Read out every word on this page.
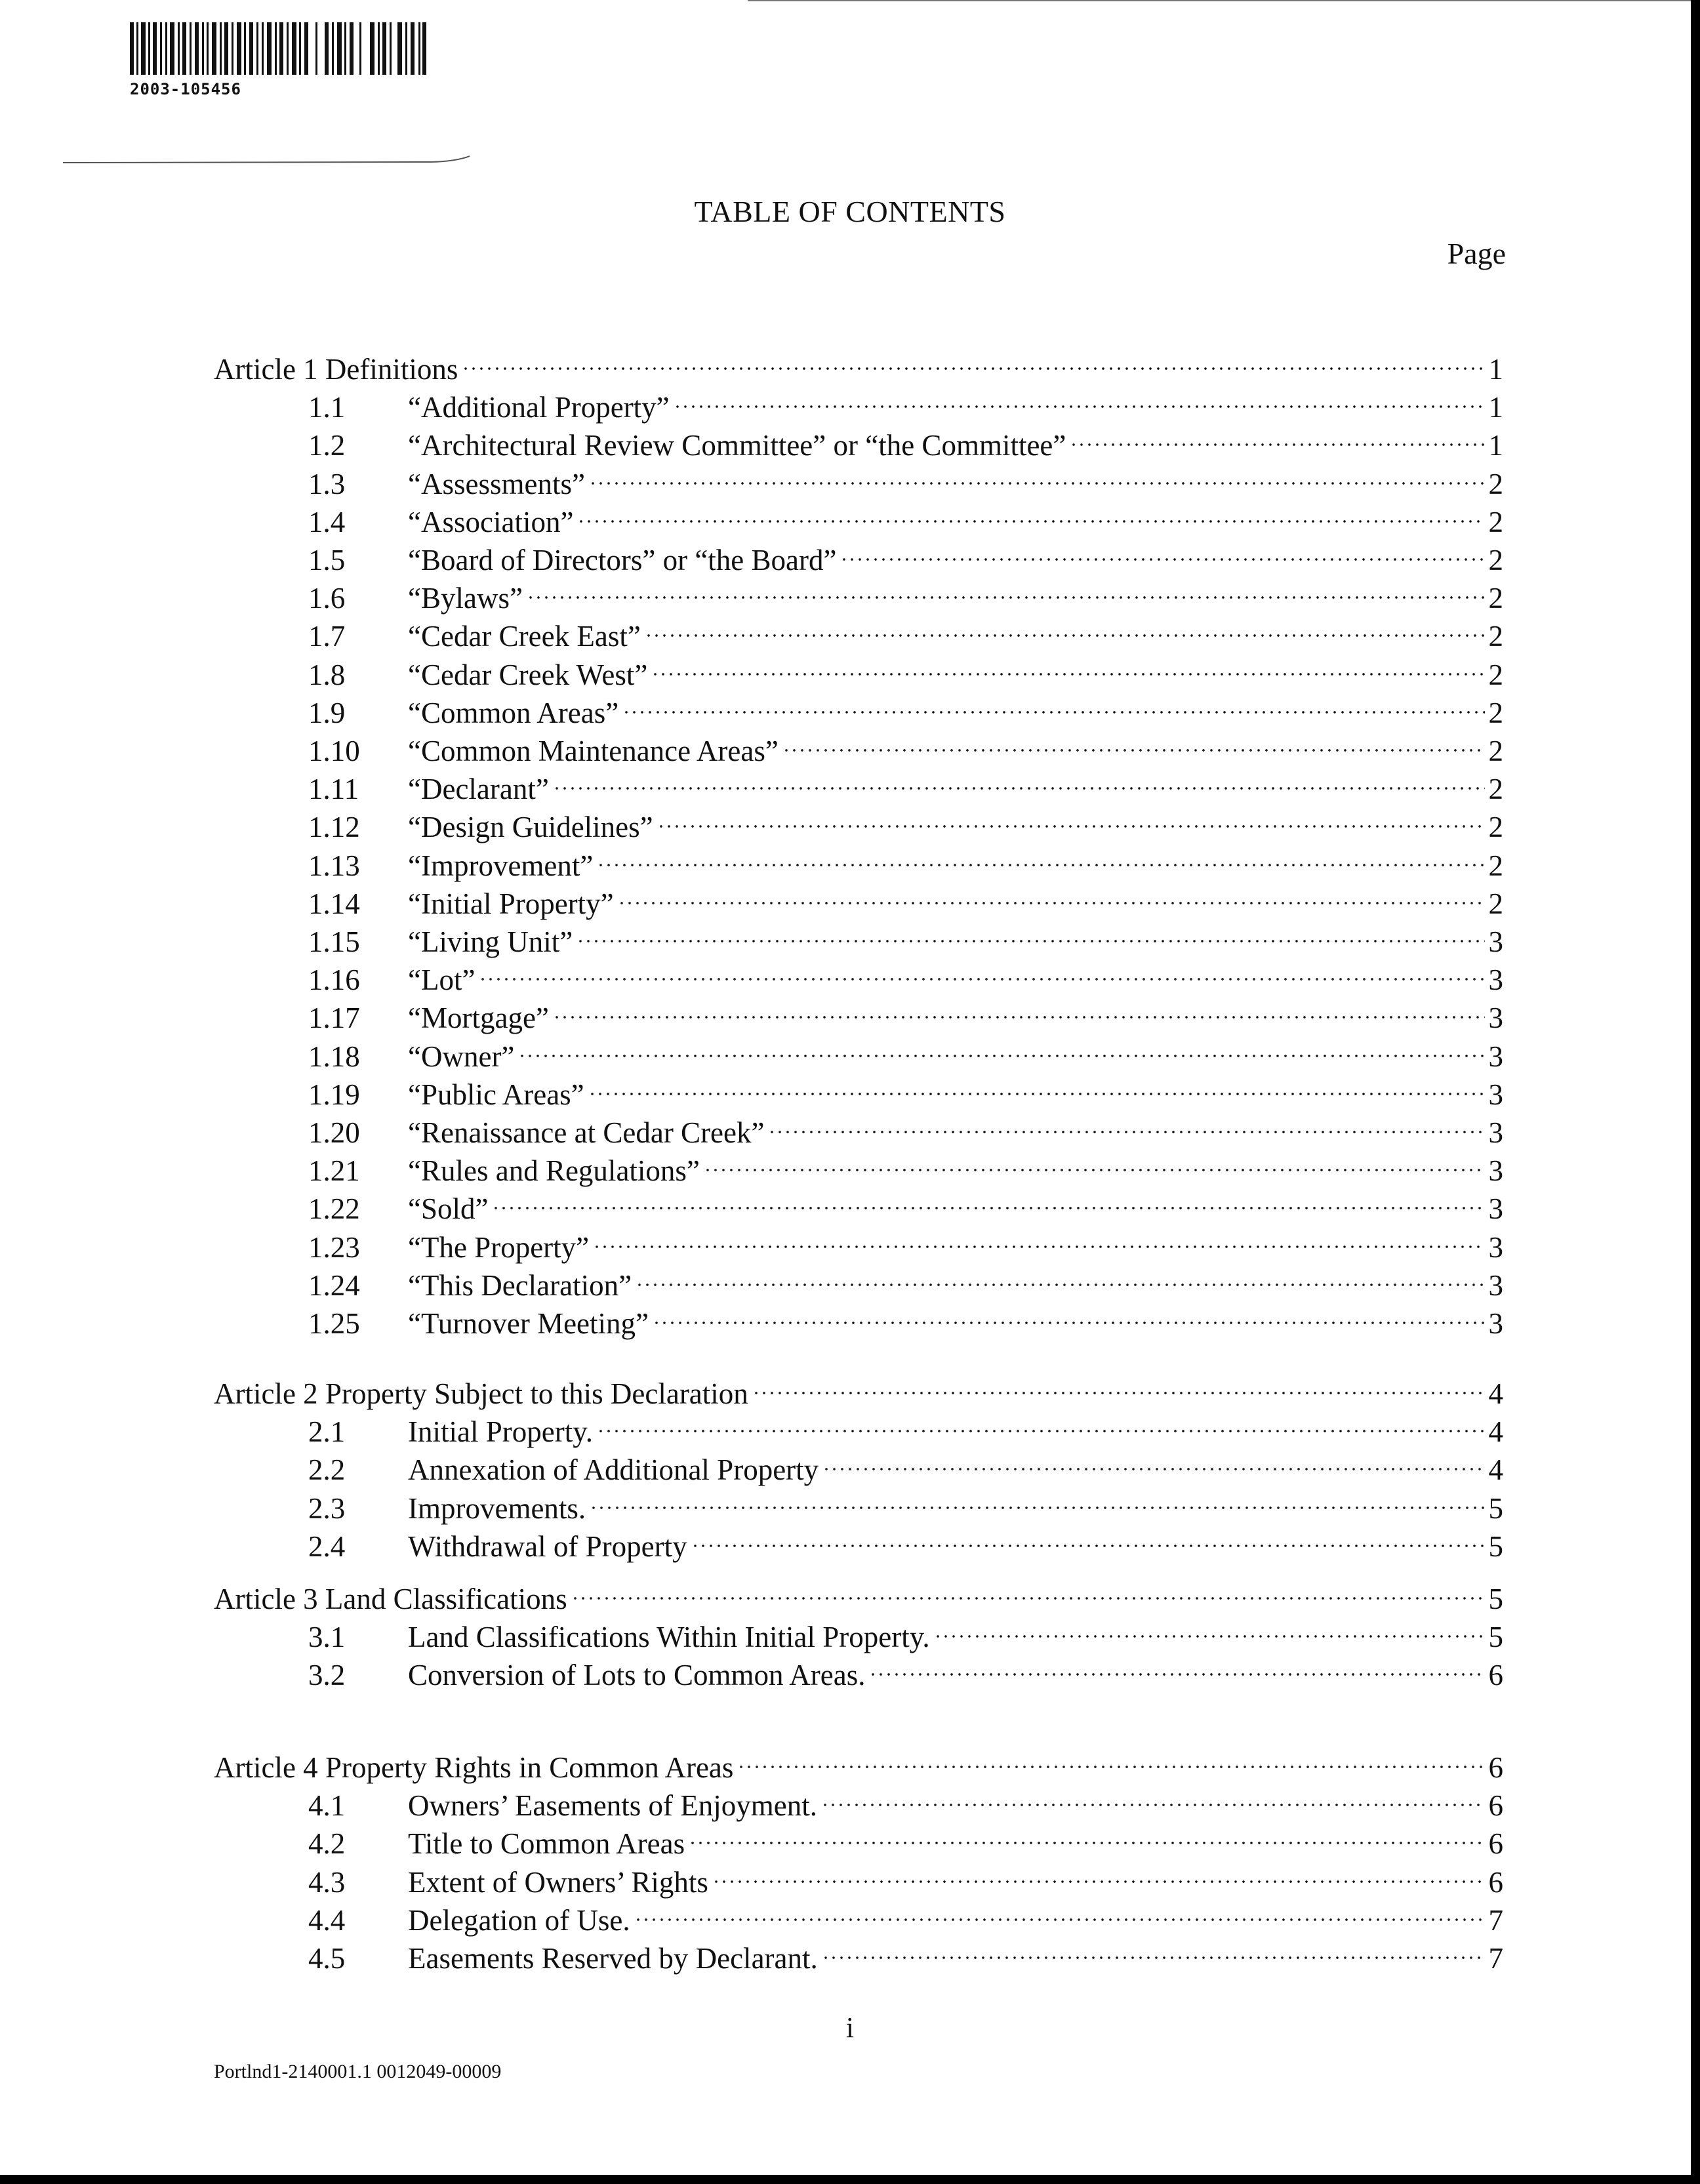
2003-105456
TABLE OF CONTENTS
Page
Article 1 Definitions	1
1.1	“Additional Property”	1
1.2	“Architectural Review Committee” or “the Committee”	1
1.3	“Assessments”	2
1.4	“Association”	2
1.5	“Board of Directors” or “the Board”	2
1.6	“Bylaws”	2
1.7	“Cedar Creek East”	2
1.8	“Cedar Creek West”	2
1.9	“Common Areas”	2
1.10	“Common Maintenance Areas”	2
1.11	“Declarant”	2
1.12	“Design Guidelines”	2
1.13	“Improvement”	2
1.14	“Initial Property”	2
1.15	“Living Unit”	3
1.16	“Lot”	3
1.17	“Mortgage”	3
1.18	“Owner”	3
1.19	“Public Areas”	3
1.20	“Renaissance at Cedar Creek”	3
1.21	“Rules and Regulations”	3
1.22	“Sold”	3
1.23	“The Property”	3
1.24	“This Declaration”	3
1.25	“Turnover Meeting”	3
Article 2 Property Subject to this Declaration	4
2.1	Initial Property.	4
2.2	Annexation of Additional Property	4
2.3	Improvements.	5
2.4	Withdrawal of Property	5
Article 3 Land Classifications	5
3.1	Land Classifications Within Initial Property.	5
3.2	Conversion of Lots to Common Areas.	6
Article 4 Property Rights in Common Areas	6
4.1	Owners’ Easements of Enjoyment.	6
4.2	Title to Common Areas	6
4.3	Extent of Owners’ Rights	6
4.4	Delegation of Use.	7
4.5	Easements Reserved by Declarant.	7
i
Portlnd1-2140001.1 0012049-00009
